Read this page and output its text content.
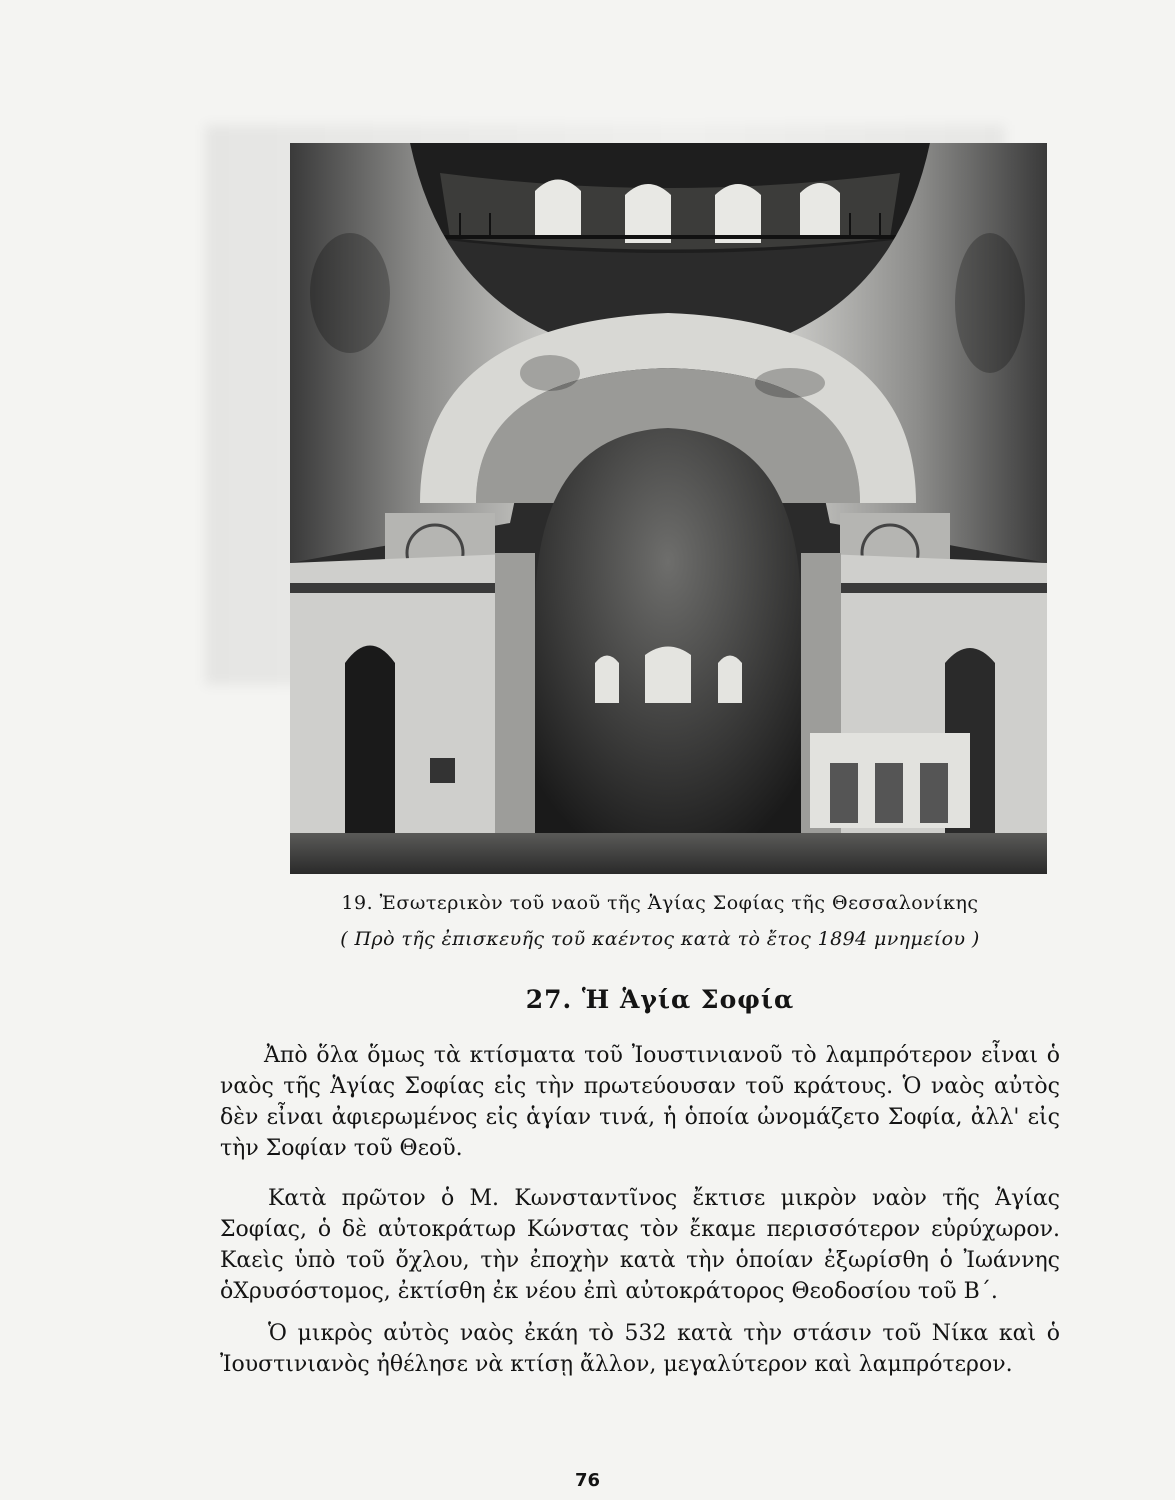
19. Ἐσωτερικὸν τοῦ ναοῦ τῆς Ἁγίας Σοφίας τῆς Θεσσαλονίκης
( Πρὸ τῆς ἐπισκευῆς τοῦ καέντος κατὰ τὸ ἔτος 1894 μνημείου )
27. Ἡ Ἁγία Σοφία
Ἀπὸ ὅλα ὅμως τὰ κτίσματα τοῦ Ἰουστινιανοῦ τὸ λαμπρότερον εἶναι ὁ ναὸς τῆς Ἁγίας Σοφίας εἰς τὴν πρωτεύουσαν τοῦ κράτους. Ὁ ναὸς αὐτὸς δὲν εἶναι ἀφιερωμένος εἰς ἁγίαν τινά, ἡ ὁποία ὠνομάζετο Σοφία, ἀλλ' εἰς τὴν Σοφίαν τοῦ Θεοῦ.
Κατὰ πρῶτον ὁ Μ. Κωνσταντῖνος ἔκτισε μικρὸν ναὸν τῆς Ἁγίας Σοφίας, ὁ δὲ αὐτοκράτωρ Κώνστας τὸν ἔκαμε περισσότερον εὐρύχωρον. Καεὶς ὑπὸ τοῦ ὄχλου, τὴν ἐποχὴν κατὰ τὴν ὁποίαν ἐξωρίσθη ὁ Ἰωάννης ὁΧρυσόστομος, ἐκτίσθη ἐκ νέου ἐπὶ αὐτοκράτορος Θεοδοσίου τοῦ Β΄.
Ὁ μικρὸς αὐτὸς ναὸς ἐκάη τὸ 532 κατὰ τὴν στάσιν τοῦ Νίκα καὶ ὁ Ἰουστινιανὸς ἠθέλησε νὰ κτίσῃ ἄλλον, μεγαλύτερον καὶ λαμπρότερον.
76
